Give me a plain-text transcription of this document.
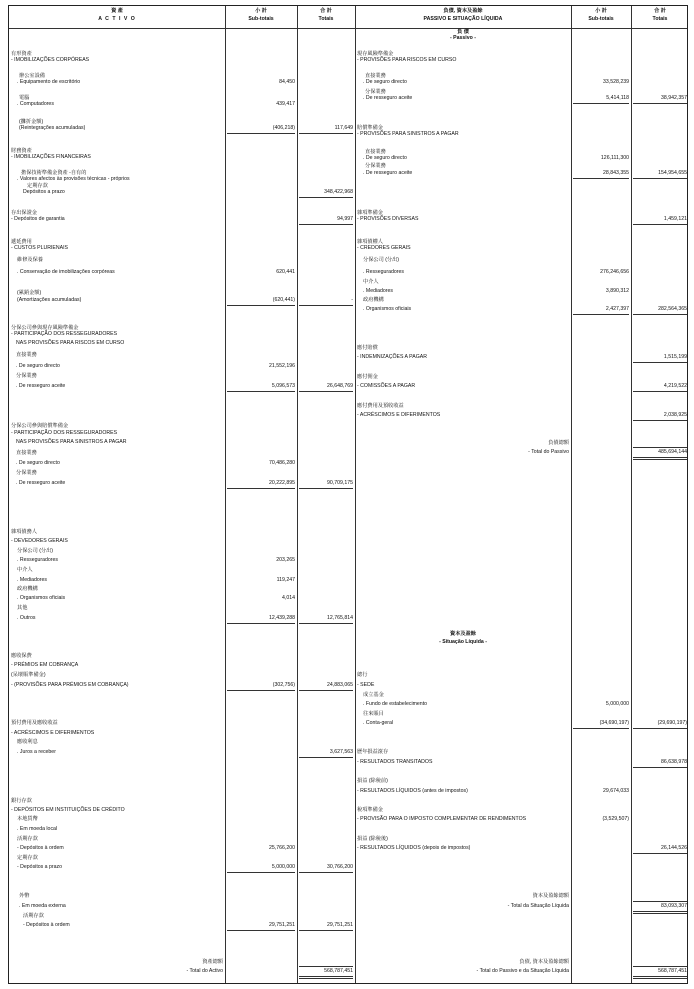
資 產
A C T I V O
小 計
Sub-totais
合 計
Totais
負債, 資本及盈餘
PASSIVO E SITUAÇÃO LÍQUIDA
小 計
Sub-totais
合 計
Totais
負 債
- Passivo -
有形資產
- IMOBILIZAÇÕES CORPÓREAS
辦公室設備
. Equipamento de escritório	84,450
電腦
. Computadores	439,417
(攤折金額)
(Reintegrações acumuladas)	(406,218)	117,649
財務資產
- IMOBILIZAÇÕES FINANCEIRAS
擔保技術準備金資產 -自有的
. Valores afectos às provisões técnicas - próprios
定期存款
Depósitos a prazo	348,422,968
存出保證金
- Depósitos de garantia	94,997
遞延費用
- CUSTOS PLURIENAIS
維修及保養
. Conservação de imobilizações corpóreas	620,441
(累銷金額)
(Amortizações acumuladas)	(620,441)	-
分保公司參與現存風險準備金
- PARTICIPAÇÃO DOS RESSEGURADORES
NAS PROVISÕES PARA RISCOS EM CURSO
直接業務
. De seguro directo	21,552,196
分保業務
. De resseguro aceite	5,096,573	26,648,769
分保公司參與賠償準備金
- PARTICIPAÇÃO DOS RESSEGURADORES
NAS PROVISÕES PARA SINISTROS A PAGAR
直接業務
. De seguro directo	70,486,280
分保業務
. De resseguro aceite	20,222,895	90,709,175
雜項債務人
- DEVEDORES GERAIS
分保公司 (分出)
. Resseguradores	203,265
中介人
. Mediadores	119,247
政府機構
. Organismos oficiais	4,014
其他
. Outros	12,439,288	12,765,814
應收保費
- PRÉMIOS EM COBRANÇA
(呆壞賬準備金)
- (PROVISÕES PARA PRÉMIOS EM COBRANÇA)	(302,756)	24,883,065
預付費用及應收收益
- ACRÉSCIMOS E DIFERIMENTOS
應收利息
. Juros a receber	3,627,563
銀行存款
- DEPÓSITOS EM INSTITUIÇÕES DE CRÉDITO
本地貨幣
. Em moeda local
活期存款
- Depósitos à ordem	25,766,200
定期存款
- Depósitos a prazo	5,000,000	30,766,200
外幣
. Em moeda externa
活期存款
- Depósitos à ordem	29,751,251	29,751,251
現存風險準備金
- PROVISÕES PARA RISCOS EM CURSO
直接業務
. De seguro directo	33,528,239
分保業務
. De resseguro aceite	5,414,118	38,942,357
賠償準備金
- PROVISÕES PARA SINISTROS A PAGAR
直接業務
. De seguro directo	126,111,300
分保業務
. De resseguro aceite	28,843,355	154,954,655
雜項準備金
- PROVISÕES DIVERSAS	1,459,121
雜項債權人
- CREDORES GERAIS
分保公司 (分出)
. Resseguradores	276,246,656
中介人
. Mediadores	3,890,312
政府機構
. Organismos oficiais	2,427,397	282,564,365
應付賠償
- INDEMNIZAÇÕES A PAGAR	1,515,199
應付佣金
- COMISSÕES A PAGAR	4,219,522
應付費用及預收收益
- ACRÉSCIMOS E DIFERIMENTOS	2,038,925
總行
- SEDE
成立基金
. Fundo de estabelecimento	5,000,000
往來賬目
. Conta-geral	(34,690,197)	(29,690,197)
歷年損益滾存
- RESULTADOS TRANSITADOS	86,638,978
損益 (除稅前)
- RESULTADOS LÍQUIDOS (antes de impostos)	29,674,033
稅項準備金
- PROVISÃO PARA O IMPOSTO COMPLEMENTAR DE RENDIMENTOS	(3,529,507)
損益 (除稅後)
- RESULTADOS LÍQUIDOS (depois de impostos)	26,144,526
資本及盈餘
- Situação Líquida -
負債總額
- Total do Passivo	485,694,144
資本及盈餘總額
- Total da Situação Líquida	83,093,307
資產總額
- Total do Activo	568,787,451
負債, 資本及盈餘總額
- Total do Passivo e da Situação Líquida	568,787,451
